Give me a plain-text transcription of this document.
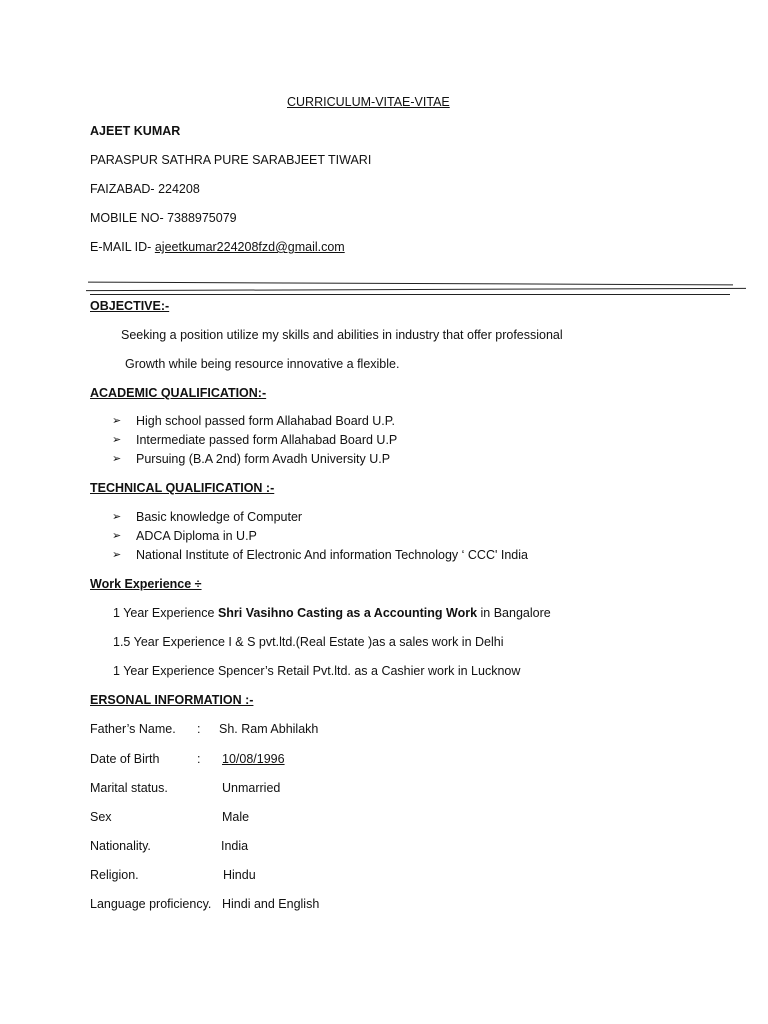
CURRICULUM-VITAE-VITAE
AJEET KUMAR
PARASPUR SATHRA PURE SARABJEET TIWARI
FAIZABAD- 224208
MOBILE NO- 7388975079
E-MAIL ID- ajeetkumar224208fzd@gmail.com
OBJECTIVE:-
Seeking a position utilize my skills and abilities in industry that offer professional
Growth while being resource innovative a flexible.
ACADEMIC QUALIFICATION:-
➢ High school passed form Allahabad Board U.P.
➢ Intermediate passed form Allahabad Board U.P
➢ Pursuing (B.A 2nd) form Avadh University U.P
TECHNICAL QUALIFICATION :-
➢ Basic knowledge of Computer
➢ ADCA Diploma in U.P
➢ National Institute of Electronic And information Technology ‘ CCC' India
Work Experience ÷
1 Year Experience Shri Vasihno Casting as a Accounting Work in Bangalore
1.5 Year Experience I & S pvt.ltd.(Real Estate )as a sales work in Delhi
1 Year Experience Spencer’s Retail Pvt.ltd. as a Cashier work in Lucknow
ERSONAL INFORMATION :-
Father’s Name. : Sh. Ram Abhilakh
Date of Birth	: 10/08/1996
Marital status.	Unmarried
Sex	Male
Nationality.	India
Religion.	Hindu
Language proficiency. Hindi and English
